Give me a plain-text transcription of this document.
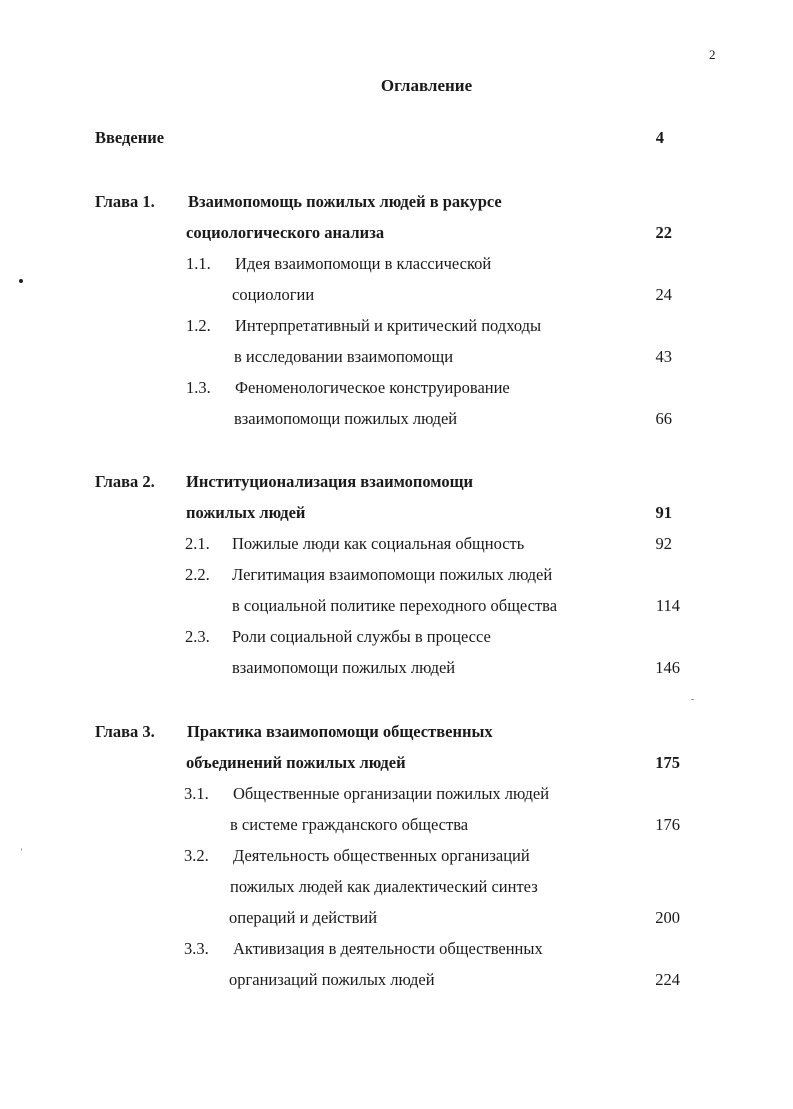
2
Оглавление
Введение	4
Глава 1. Взаимопомощь пожилых людей в ракурсе
социологического анализа	22
1.1. Идея взаимопомощи в классической
социологии	24
1.2. Интерпретативный и критический подходы
в исследовании взаимопомощи	43
1.3. Феноменологическое конструирование
взаимопомощи пожилых людей	66
Глава 2. Институционализация взаимопомощи
пожилых людей	91
2.1. Пожилые люди как социальная общность	92
2.2. Легитимация взаимопомощи пожилых людей
в социальной политике переходного общества	114
2.3. Роли социальной службы в процессе
взаимопомощи пожилых людей	146
Глава 3. Практика взаимопомощи общественных
объединений пожилых людей	175
3.1. Общественные организации пожилых людей
в системе гражданского общества	176
3.2. Деятельность общественных организаций
пожилых людей как диалектический синтез
операций и действий	200
3.3. Активизация в деятельности общественных
организаций пожилых людей	224
